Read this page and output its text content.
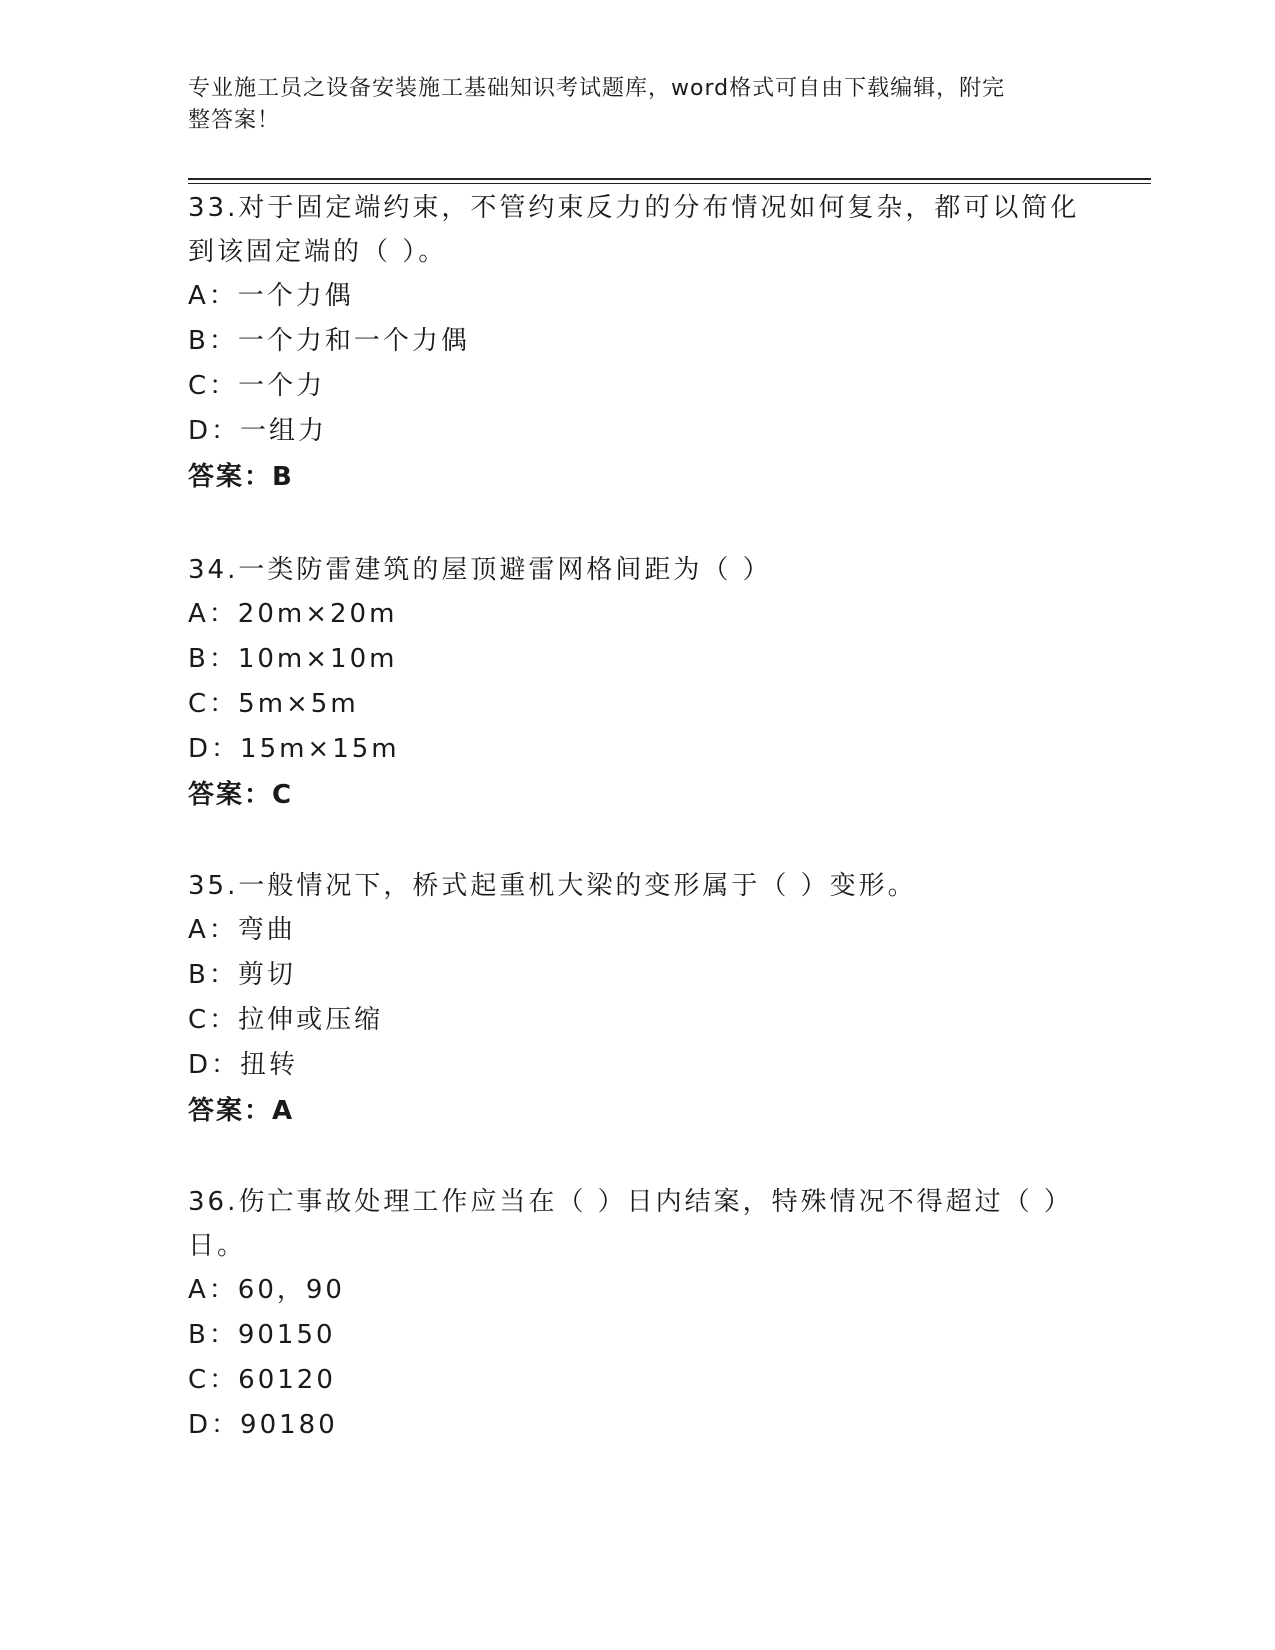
专业施工员之设备安装施工基础知识考试题库，word格式可自由下载编辑，附完
整答案！
33.对于固定端约束，不管约束反力的分布情况如何复杂，都可以简化
到该固定端的（ ）。
A：一个力偶
B：一个力和一个力偶
C：一个力
D：一组力
答案：B
34.一类防雷建筑的屋顶避雷网格间距为（ ）
A：20m×20m
B：10m×10m
C：5m×5m
D：15m×15m
答案：C
35.一般情况下，桥式起重机大梁的变形属于（ ）变形。
A：弯曲
B：剪切
C：拉伸或压缩
D：扭转
答案：A
36.伤亡事故处理工作应当在（ ）日内结案，特殊情况不得超过（ ）
日。
A：60，90
B：90150
C：60120
D：90180
